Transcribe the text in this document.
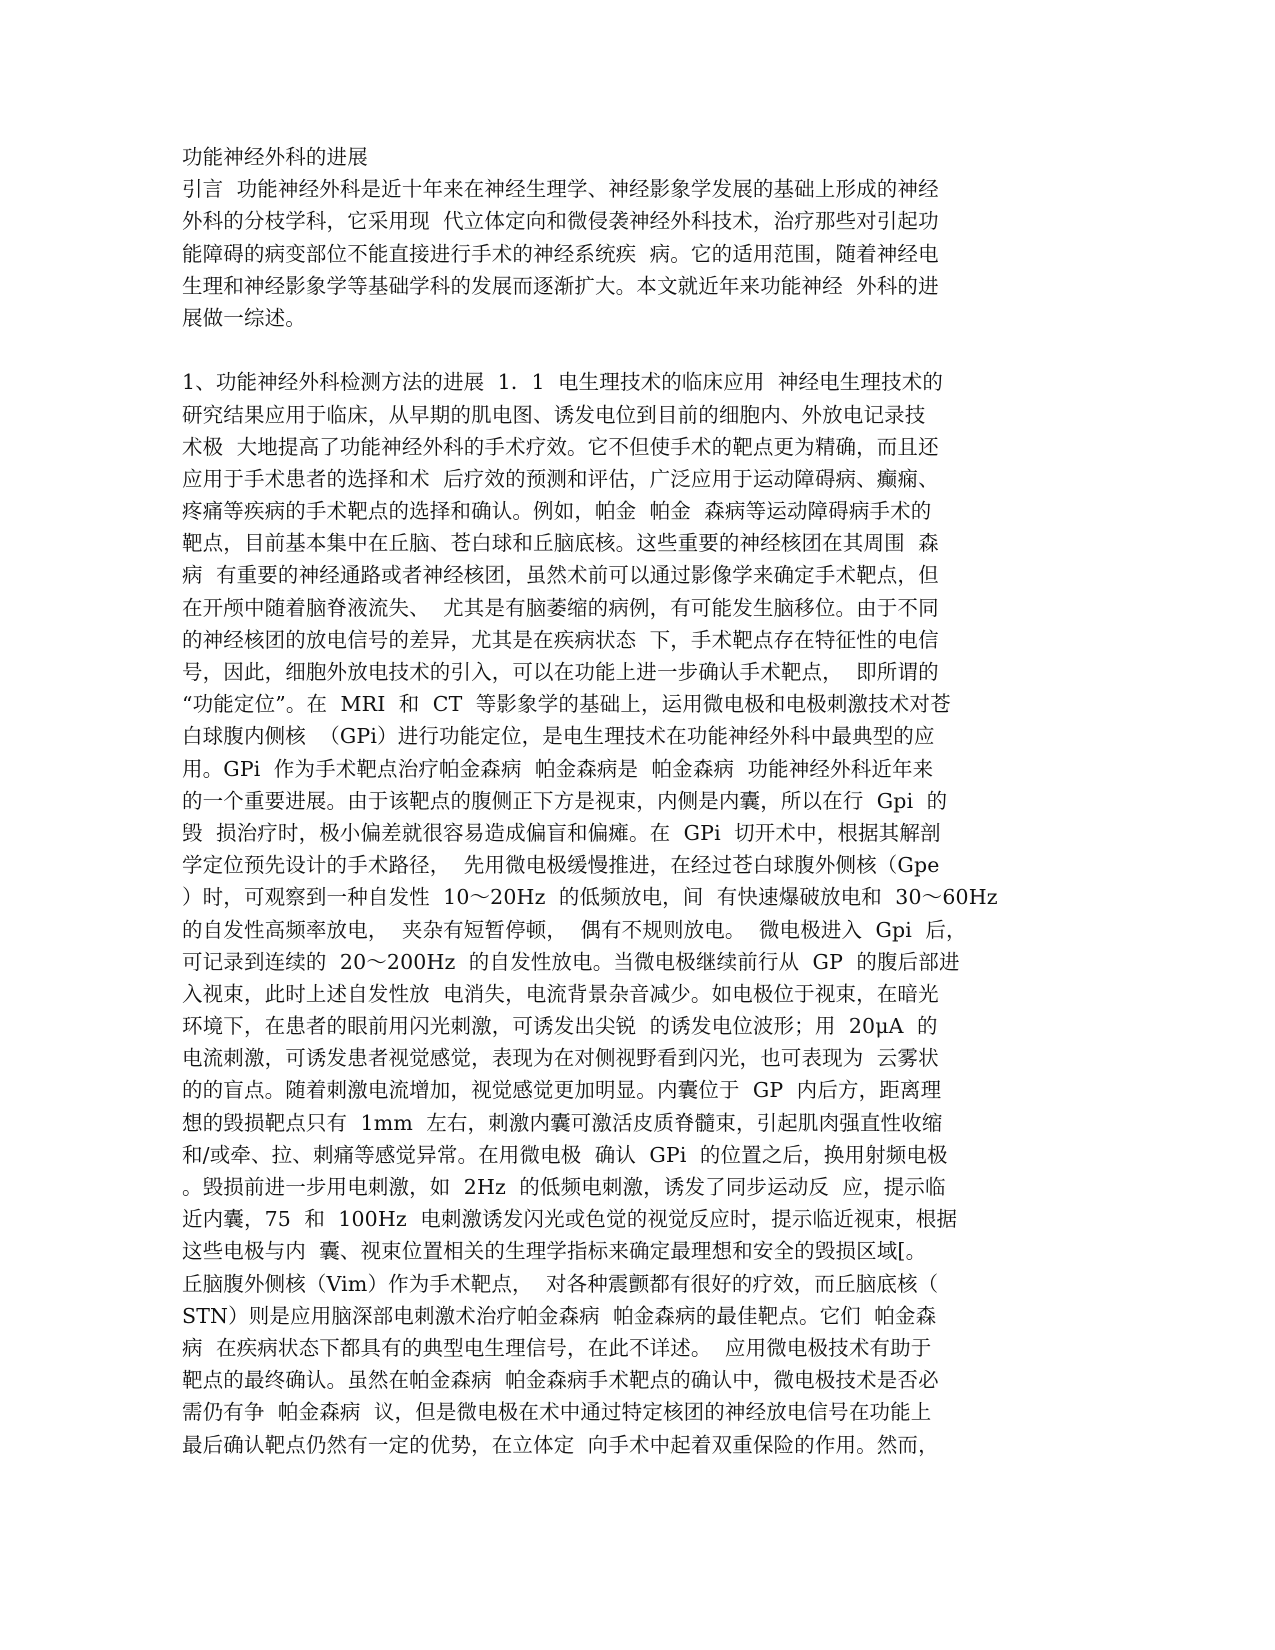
功能神经外科的进展
引言  功能神经外科是近十年来在神经生理学、神经影象学发展的基础上形成的神经
外科的分枝学科，它采用现  代立体定向和微侵袭神经外科技术，治疗那些对引起功
能障碍的病变部位不能直接进行手术的神经系统疾  病。它的适用范围，随着神经电
生理和神经影象学等基础学科的发展而逐渐扩大。本文就近年来功能神经  外科的进
展做一综述。
1、功能神经外科检测方法的进展  1．1  电生理技术的临床应用  神经电生理技术的
研究结果应用于临床，从早期的肌电图、诱发电位到目前的细胞内、外放电记录技
术极  大地提高了功能神经外科的手术疗效。它不但使手术的靶点更为精确，而且还
应用于手术患者的选择和术  后疗效的预测和评估，广泛应用于运动障碍病、癫痫、
疼痛等疾病的手术靶点的选择和确认。例如，帕金  帕金  森病等运动障碍病手术的
靶点，目前基本集中在丘脑、苍白球和丘脑底核。这些重要的神经核团在其周围  森
病  有重要的神经通路或者神经核团，虽然术前可以通过影像学来确定手术靶点，但
在开颅中随着脑脊液流失、  尤其是有脑萎缩的病例，有可能发生脑移位。由于不同
的神经核团的放电信号的差异，尤其是在疾病状态  下，手术靶点存在特征性的电信
号，因此，细胞外放电技术的引入，可以在功能上进一步确认手术靶点，  即所谓的
“功能定位”。在  MRI  和  CT  等影象学的基础上，运用微电极和电极刺激技术对苍
白球腹内侧核  （GPi）进行功能定位，是电生理技术在功能神经外科中最典型的应
用。GPi  作为手术靶点治疗帕金森病  帕金森病是  帕金森病  功能神经外科近年来
的一个重要进展。由于该靶点的腹侧正下方是视束，内侧是内囊，所以在行  Gpi  的
毁  损治疗时，极小偏差就很容易造成偏盲和偏瘫。在  GPi  切开术中，根据其解剖
学定位预先设计的手术路径，  先用微电极缓慢推进，在经过苍白球腹外侧核（Gpe
）时，可观察到一种自发性  10～20Hz  的低频放电，间  有快速爆破放电和  30～60Hz
的自发性高频率放电，  夹杂有短暂停顿，  偶有不规则放电。  微电极进入  Gpi  后，
可记录到连续的  20～200Hz  的自发性放电。当微电极继续前行从  GP  的腹后部进
入视束，此时上述自发性放  电消失，电流背景杂音减少。如电极位于视束，在暗光
环境下，在患者的眼前用闪光刺激，可诱发出尖锐  的诱发电位波形；用  20μA  的
电流刺激，可诱发患者视觉感觉，表现为在对侧视野看到闪光，也可表现为  云雾状
的的盲点。随着刺激电流增加，视觉感觉更加明显。内囊位于  GP  内后方，距离理
想的毁损靶点只有  1mm  左右，刺激内囊可激活皮质脊髓束，引起肌肉强直性收缩
和/或牵、拉、刺痛等感觉异常。在用微电极  确认  GPi  的位置之后，换用射频电极
。毁损前进一步用电刺激，如  2Hz  的低频电刺激，诱发了同步运动反  应，提示临
近内囊，75  和  100Hz  电刺激诱发闪光或色觉的视觉反应时，提示临近视束，根据
这些电极与内  囊、视束位置相关的生理学指标来确定最理想和安全的毁损区域[。
丘脑腹外侧核（Vim）作为手术靶点，  对各种震颤都有很好的疗效，而丘脑底核（
STN）则是应用脑深部电刺激术治疗帕金森病  帕金森病的最佳靶点。它们  帕金森
病  在疾病状态下都具有的典型电生理信号，在此不详述。  应用微电极技术有助于
靶点的最终确认。虽然在帕金森病  帕金森病手术靶点的确认中，微电极技术是否必
需仍有争  帕金森病  议，但是微电极在术中通过特定核团的神经放电信号在功能上
最后确认靶点仍然有一定的优势，在立体定  向手术中起着双重保险的作用。然而，
